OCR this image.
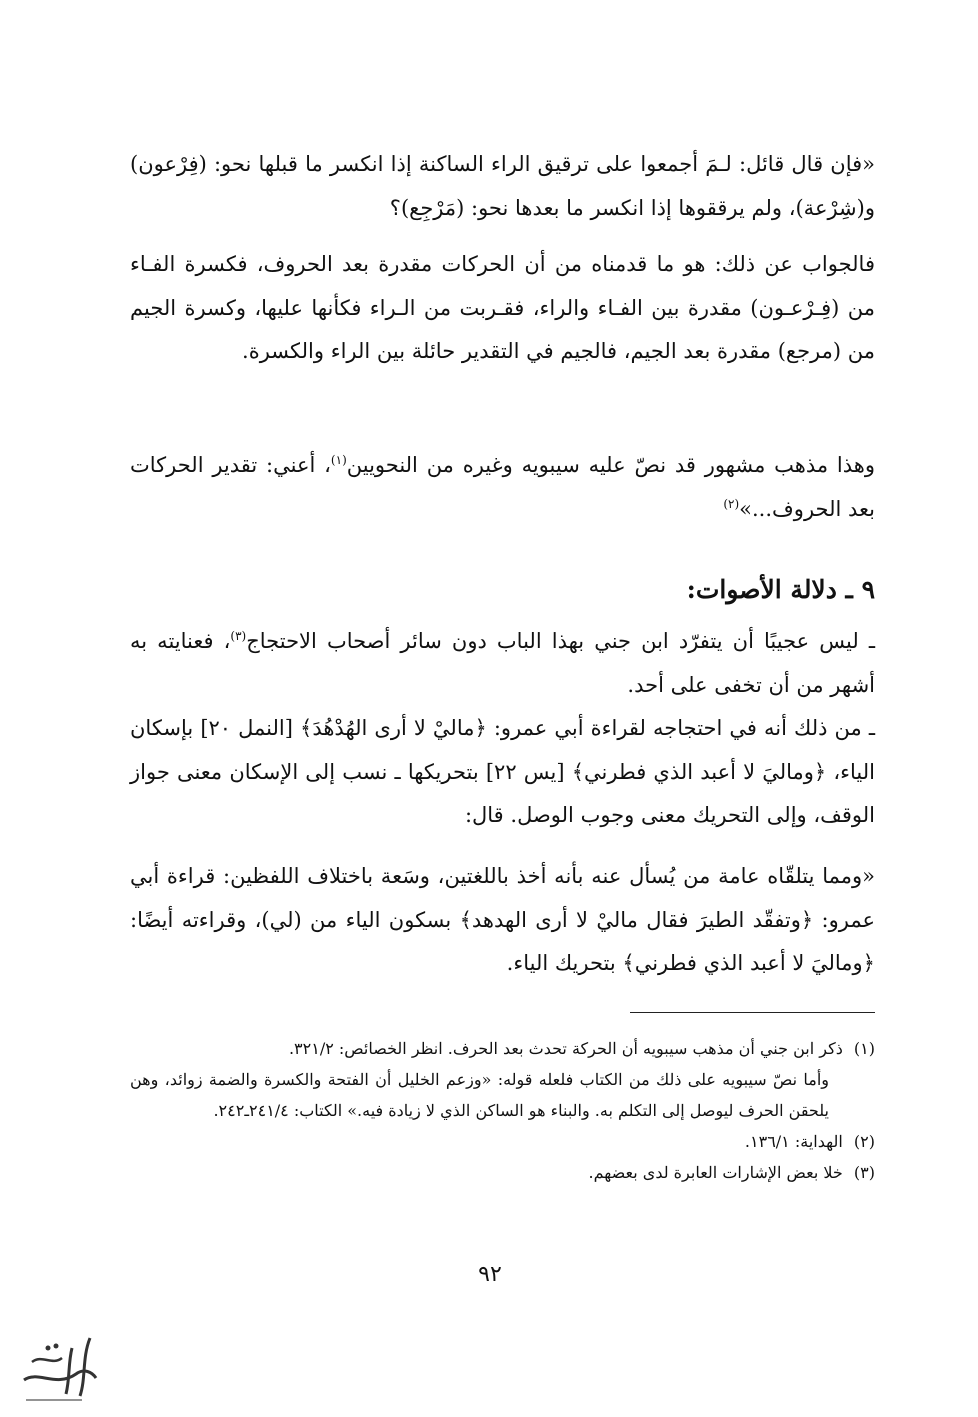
«فإن قال قائل: لـمَ أجمعوا على ترقيق الراء الساكنة إذا انكسر ما قبلها نحو: (فِرْعون) و(شِرْعة)، ولم يرققوها إذا انكسر ما بعدها نحو: (مَرْجِع)؟

فالجواب عن ذلك: هو ما قدمناه من أن الحركات مقدرة بعد الحروف، فكسرة الفـاء من (فِـرْعـون) مقدرة بين الفـاء والراء، فقـربت من الـراء فكأنها عليها، وكسرة الجيم من (مرجع) مقدرة بعد الجيم، فالجيم في التقدير حائلة بين الراء والكسرة.

وهذا مذهب مشهور قد نصّ عليه سيبويه وغيره من النحويين$^{(١)}$، أعني: تقدير الحركات بعد الحروف...»$^{(٢)}$

٩ ـ دلالة الأصوات:

ـ ليس عجيبًا أن يتفرّد ابن جني بهذا الباب دون سائر أصحاب الاحتجاج$^{(٣)}$، فعنايته به أشهر من أن تخفى على أحد.

ـ من ذلك أنه في احتجاجه لقراءة أبي عمرو: ﴿ماليْ لا أرى الهُدْهُدَ﴾ [النمل ٢٠] بإسكان الياء، ﴿وماليَ لا أعبد الذي فطرني﴾ [يس ٢٢] بتحريكها ـ نسب إلى الإسكان معنى جواز الوقف، وإلى التحريك معنى وجوب الوصل. قال:

«ومما يتلقّاه عامة من يُسأل عنه بأنه أخذ باللغتين، وسَعة باختلاف اللفظين: قراءة أبي عمرو: ﴿وتفقّد الطيرَ فقال ماليْ لا أرى الهدهد﴾ بسكون الياء من (لي)، وقراءته أيضًا: ﴿وماليَ لا أعبد الذي فطرني﴾ بتحريك الياء.

(١) ذكر ابن جني أن مذهب سيبويه أن الحركة تحدث بعد الحرف. انظر الخصائص: ٣٢١/٢.
وأما نصّ سيبويه على ذلك من الكتاب فلعله قوله: «وزعم الخليل أن الفتحة والكسرة والضمة زوائد، وهن يلحقن الحرف ليوصل إلى التكلم به. والبناء هو الساكن الذي لا زيادة فيه.» الكتاب: ٢٤١/٤ـ٢٤٢.
(٢) الهداية: ١٣٦/١.
(٣) خلا بعض الإشارات العابرة لدى بعضهم.
٩٢
